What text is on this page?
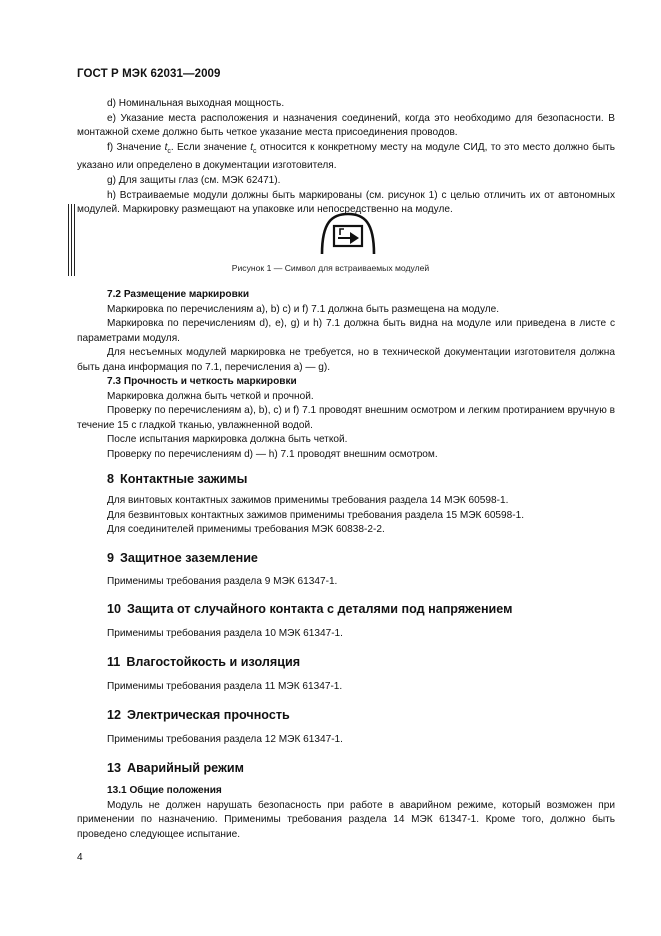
ГОСТ Р МЭК 62031—2009

d) Номинальная выходная мощность.

e) Указание места расположения и назначения соединений, когда это необходимо для безопасности. В монтажной схеме должно быть четкое указание места присоединения проводов.

f) Значение $t_c$. Если значение $t_c$ относится к конкретному месту на модуле СИД, то это место должно быть указано или определено в документации изготовителя.

g) Для защиты глаз (см. МЭК 62471).

h) Встраиваемые модули должны быть маркированы (см. рисунок 1) с целью отличить их от автономных модулей. Маркировку размещают на упаковке или непосредственно на модуле.

Рисунок 1 — Символ для встраиваемых модулей

7.2 Размещение маркировки

Маркировка по перечислениям a), b) c) и f) 7.1 должна быть размещена на модуле.

Маркировка по перечислениям d), e), g) и h) 7.1 должна быть видна на модуле или приведена в листе с параметрами модуля.

Для несъемных модулей маркировка не требуется, но в технической документации изготовителя должна быть дана информация по 7.1, перечисления a) — g).

7.3 Прочность и четкость маркировки

Маркировка должна быть четкой и прочной.

Проверку по перечислениям a), b), c) и f) 7.1 проводят внешним осмотром и легким протиранием вручную в течение 15 с гладкой тканью, увлажненной водой.

После испытания маркировка должна быть четкой.

Проверку по перечислениям d) — h) 7.1 проводят внешним осмотром.

8 Контактные зажимы

Для винтовых контактных зажимов применимы требования раздела 14 МЭК 60598-1.

Для безвинтовых контактных зажимов применимы требования раздела 15 МЭК 60598-1.

Для соединителей применимы требования МЭК 60838-2-2.

9 Защитное заземление

Применимы требования раздела 9 МЭК 61347-1.

10 Защита от случайного контакта с деталями под напряжением

Применимы требования раздела 10 МЭК 61347-1.

11 Влагостойкость и изоляция

Применимы требования раздела 11 МЭК 61347-1.

12 Электрическая прочность

Применимы требования раздела 12 МЭК 61347-1.

13 Аварийный режим

13.1 Общие положения

Модуль не должен нарушать безопасность при работе в аварийном режиме, который возможен при применении по назначению. Применимы требования раздела 14 МЭК 61347-1. Кроме того, должно быть проведено следующее испытание.

4
